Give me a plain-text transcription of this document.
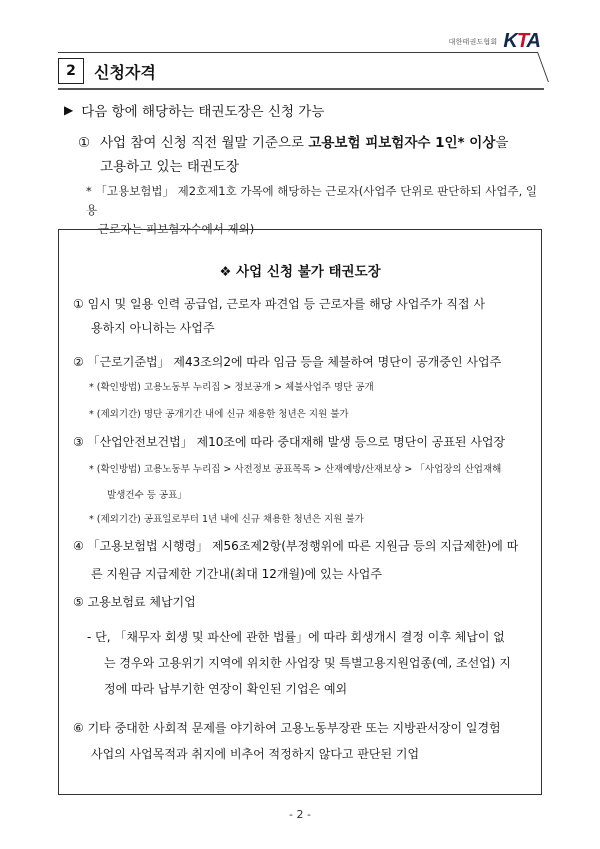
대한태권도협회 KTA
2	신청자격
▶ 다음 항에 해당하는 태권도장은 신청 가능
① 사업 참여 신청 직전 월말 기준으로 고용보험 피보험자수 1인* 이상을
고용하고 있는 태권도장
* 「고용보험법」 제2호제1호 가목에 해당하는 근로자(사업주 단위로 판단하되 사업주, 일용
근로자는 피보험자수에서 제외)
❖ 사업 신청 불가 태권도장
① 임시 및 일용 인력 공급업, 근로자 파견업 등 근로자를 해당 사업주가 직접 사
용하지 아니하는 사업주
② 「근로기준법」 제43조의2에 따라 임금 등을 체불하여 명단이 공개중인 사업주
* (확인방법) 고용노동부 누리집 > 정보공개 > 체불사업주 명단 공개
* (제외기간) 명단 공개기간 내에 신규 채용한 청년은 지원 불가
③ 「산업안전보건법」 제10조에 따라 중대재해 발생 등으로 명단이 공표된 사업장
* (확인방법) 고용노동부 누리집 > 사전정보 공표목록 > 산재예방/산재보상 > 「사업장의 산업재해
발생건수 등 공표」
* (제외기간) 공표일로부터 1년 내에 신규 채용한 청년은 지원 불가
④ 「고용보험법 시행령」 제56조제2항(부정행위에 따른 지원금 등의 지급제한)에 따
른 지원금 지급제한 기간내(최대 12개월)에 있는 사업주
⑤ 고용보험료 체납기업
- 단, 「채무자 회생 및 파산에 관한 법률」에 따라 회생개시 결정 이후 체납이 없
는 경우와 고용위기 지역에 위치한 사업장 및 특별고용지원업종(예, 조선업) 지
정에 따라 납부기한 연장이 확인된 기업은 예외
⑥ 기타 중대한 사회적 문제를 야기하여 고용노동부장관 또는 지방관서장이 일경험
사업의 사업목적과 취지에 비추어 적정하지 않다고 판단된 기업
- 2 -
